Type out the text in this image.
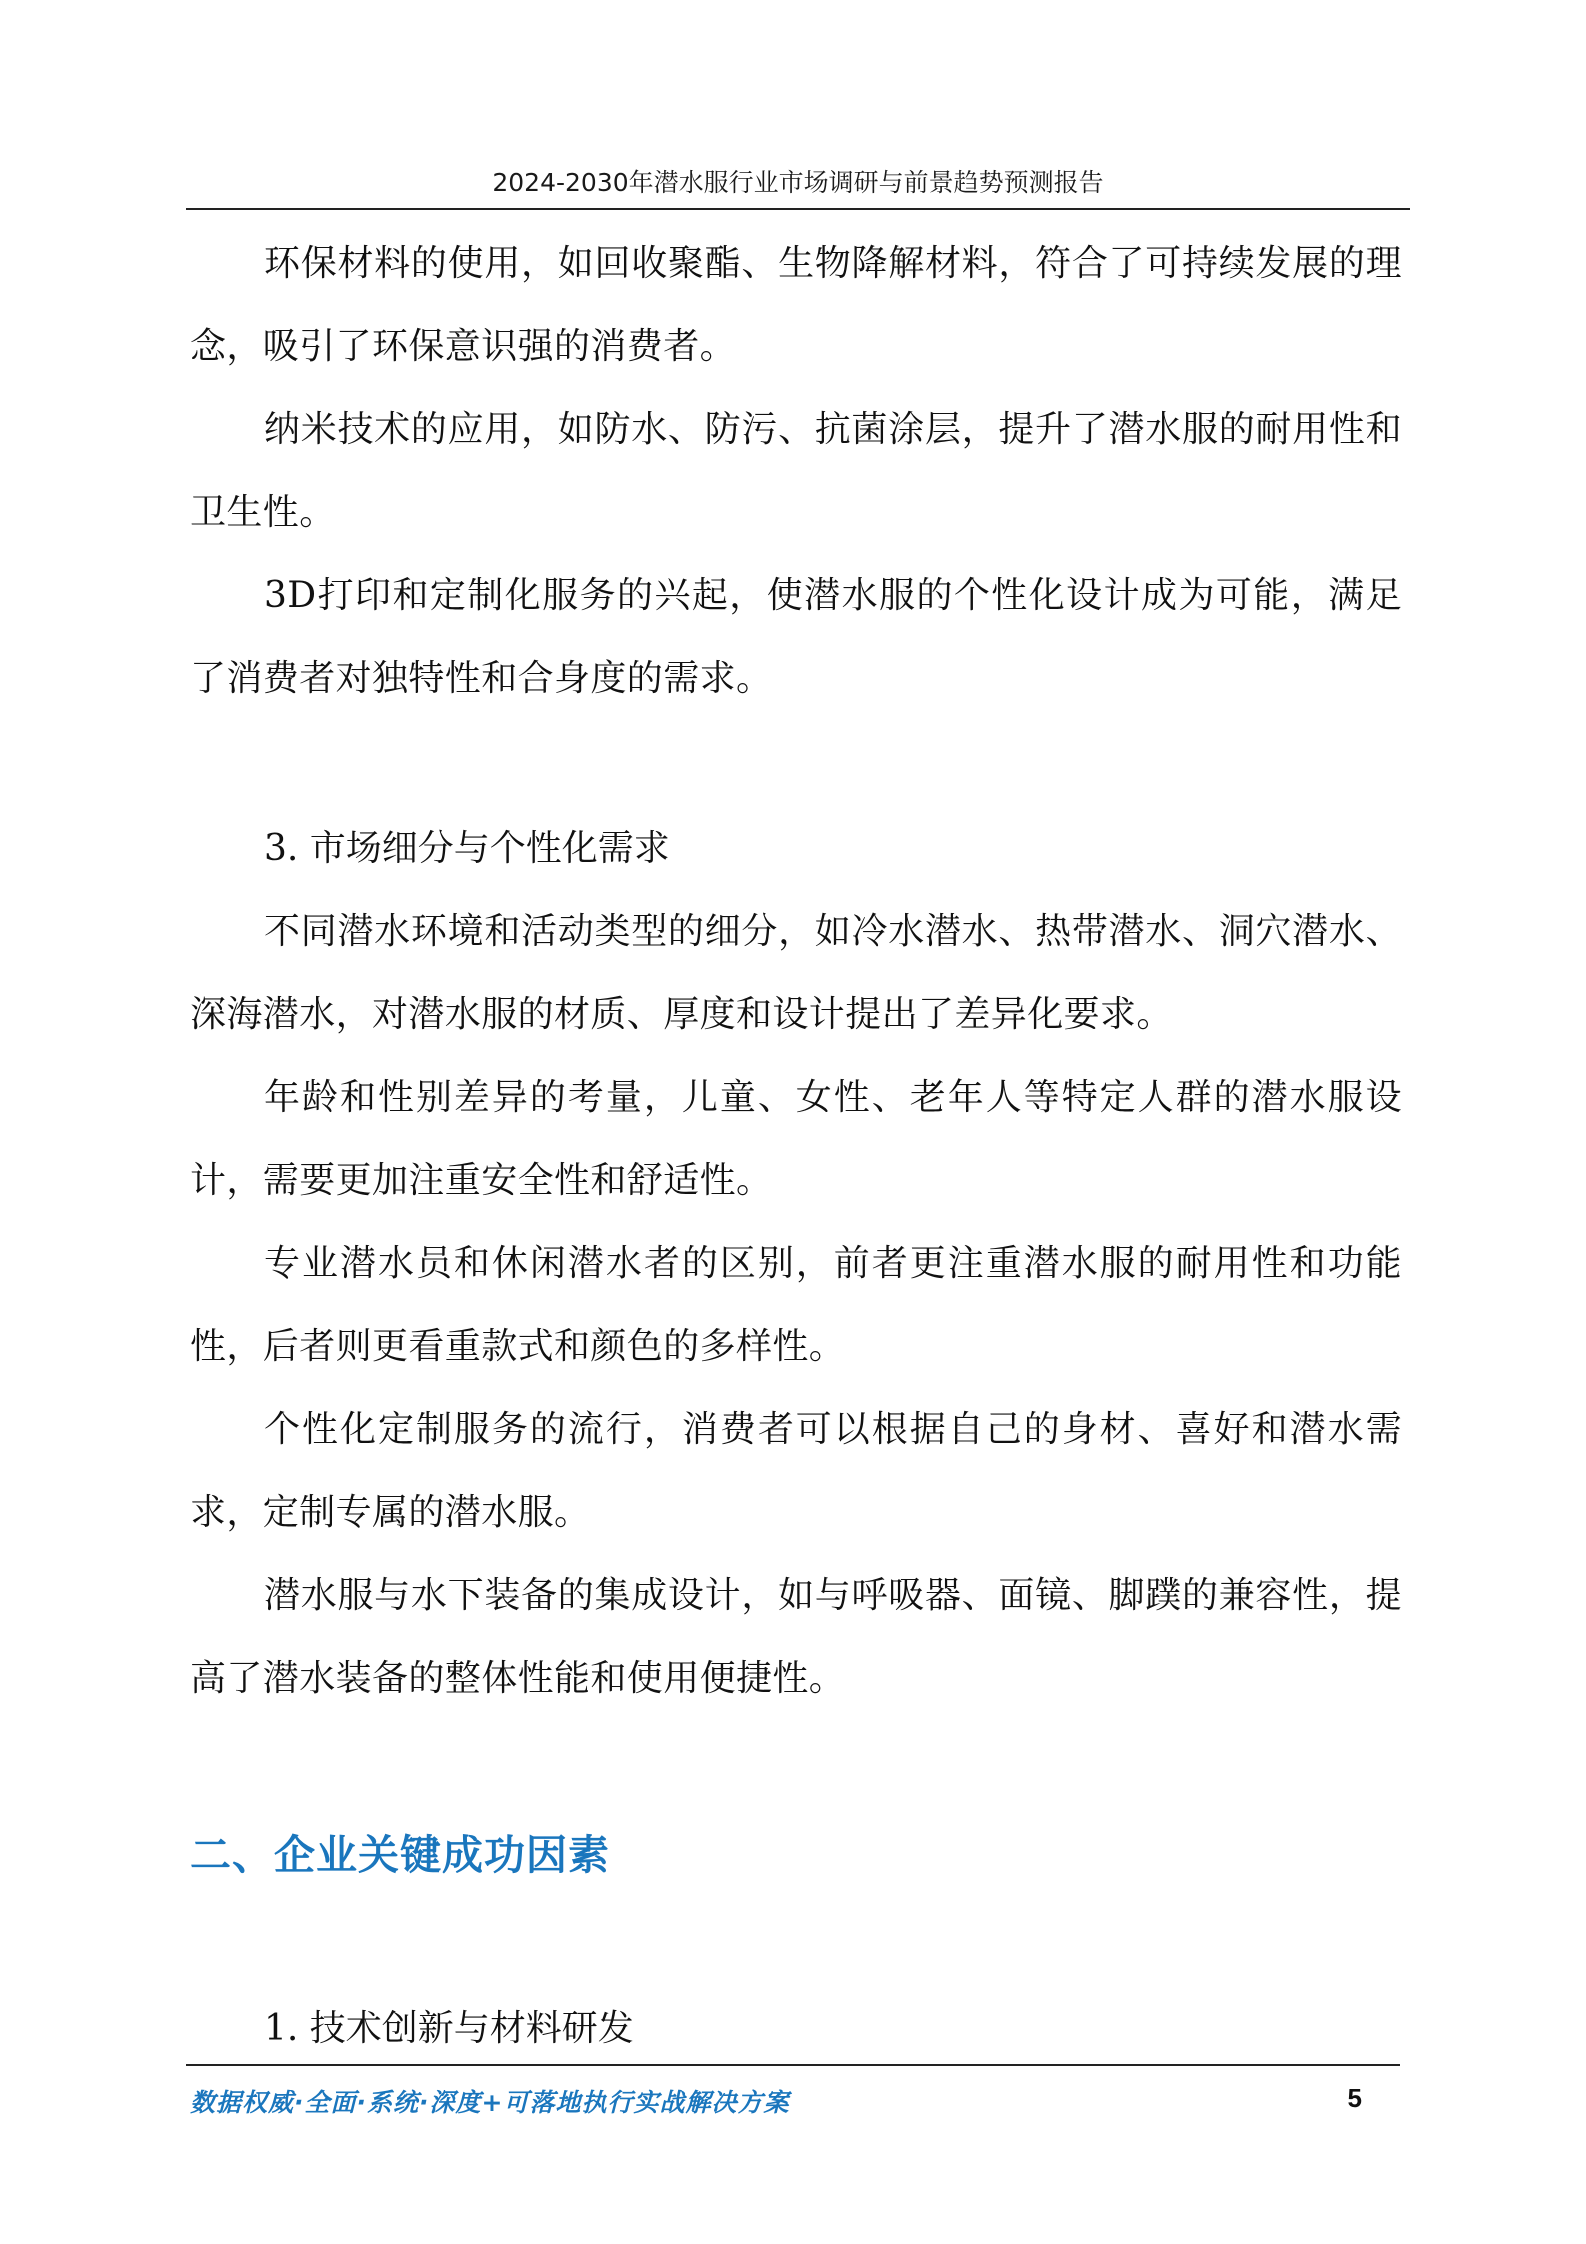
2024-2030年潜水服行业市场调研与前景趋势预测报告

环保材料的使用，如回收聚酯、生物降解材料，符合了可持续发展的理念，吸引了环保意识强的消费者。

纳米技术的应用，如防水、防污、抗菌涂层，提升了潜水服的耐用性和卫生性。

3D打印和定制化服务的兴起，使潜水服的个性化设计成为可能，满足了消费者对独特性和合身度的需求。

3. 市场细分与个性化需求

不同潜水环境和活动类型的细分，如冷水潜水、热带潜水、洞穴潜水、深海潜水，对潜水服的材质、厚度和设计提出了差异化要求。

年龄和性别差异的考量，儿童、女性、老年人等特定人群的潜水服设计，需要更加注重安全性和舒适性。

专业潜水员和休闲潜水者的区别，前者更注重潜水服的耐用性和功能性，后者则更看重款式和颜色的多样性。

个性化定制服务的流行，消费者可以根据自己的身材、喜好和潜水需求，定制专属的潜水服。

潜水服与水下装备的集成设计，如与呼吸器、面镜、脚蹼的兼容性，提高了潜水装备的整体性能和使用便捷性。

二、企业关键成功因素

1. 技术创新与材料研发

数据权威·全面·系统·深度+可落地执行实战解决方案	5
